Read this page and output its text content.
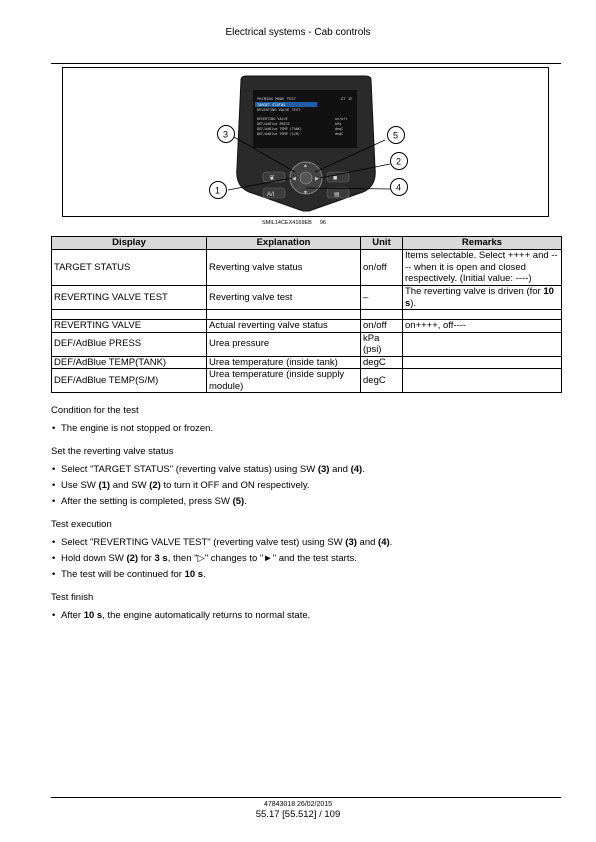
Electrical systems - Cab controls
PRIMING MODE TEST	E7 1E
TARGET STATUS
REVERTING VALVE TEST
REVERTING VALVE	on/off
DEF/AdBlue PRESS	kPa
DEF/AdBlue TEMP (TANK)	degC
DEF/AdBlue TEMP (S/M)	degC
❦
A/I
■
▤
▲
▼
◀	▶
3
1
5
2
4
SMIL14CEX4169EB 96
Display	Explanation	Unit	Remarks
TARGET STATUS	Reverting valve status	on/off	Items selectable. Select ++++ and ---- when it is open and closed respectively. (Initial value: ----)
REVERTING VALVE TEST	Reverting valve test	–	The reverting valve is driven (for 10 s).

REVERTING VALVE	Actual reverting valve status	on/off	on++++, off----
DEF/AdBlue PRESS	Urea pressure	kPa (psi)	
DEF/AdBlue TEMP(TANK)	Urea temperature (inside tank)	degC	
DEF/AdBlue TEMP(S/M)	Urea temperature (inside supply module)	degC	

Condition for the test

• The engine is not stopped or frozen.

Set the reverting valve status

• Select "TARGET STATUS" (reverting valve status) using SW (3) and (4).
• Use SW (1) and SW (2) to turn it OFF and ON respectively.
• After the setting is completed, press SW (5).

Test execution

• Select "REVERTING VALVE TEST" (reverting valve test) using SW (3) and (4).
• Hold down SW (2) for 3 s, then "▷" changes to "►" and the test starts.
• The test will be continued for 10 s.

Test finish

• After 10 s, the engine automatically returns to normal state.
47843018 26/02/2015
55.17 [55.512] / 109
